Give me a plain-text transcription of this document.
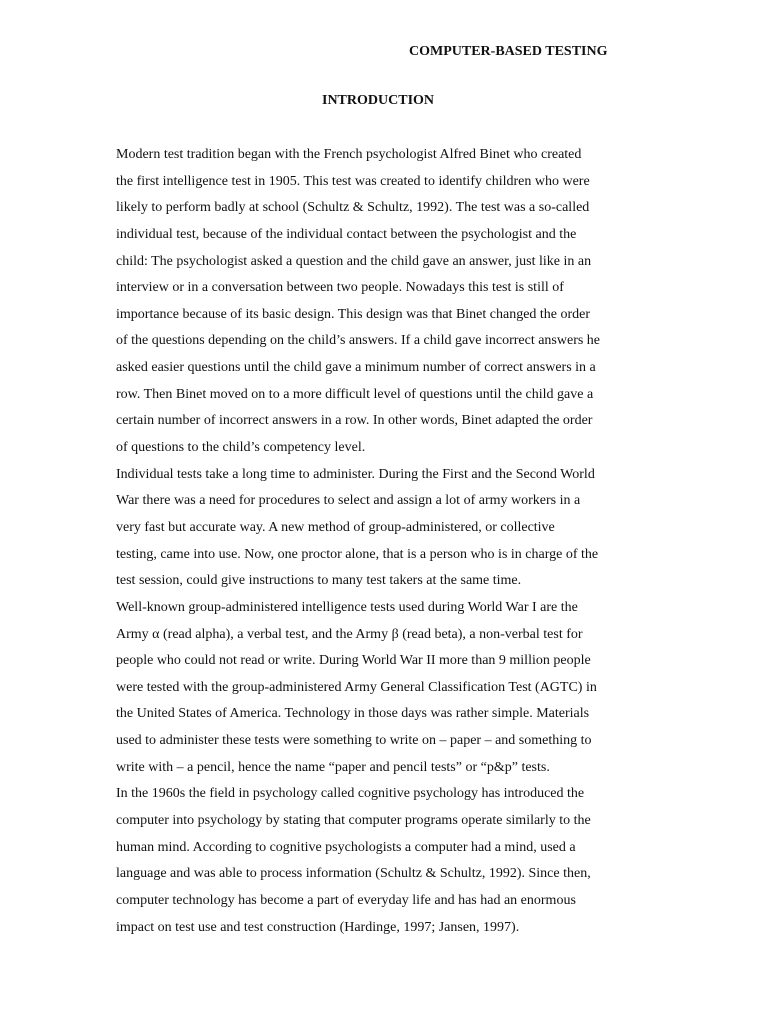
COMPUTER-BASED TESTING
INTRODUCTION
Modern test tradition began with the French psychologist Alfred Binet who created
the first intelligence test in 1905. This test was created to identify children who were
likely to perform badly at school (Schultz & Schultz, 1992). The test was a so-called
individual test, because of the individual contact between the psychologist and the
child: The psychologist asked a question and the child gave an answer, just like in an
interview or in a conversation between two people. Nowadays this test is still of
importance because of its basic design. This design was that Binet changed the order
of the questions depending on the child’s answers. If a child gave incorrect answers he
asked easier questions until the child gave a minimum number of correct answers in a
row. Then Binet moved on to a more difficult level of questions until the child gave a
certain number of incorrect answers in a row. In other words, Binet adapted the order
of questions to the child’s competency level.
Individual tests take a long time to administer. During the First and the Second World
War there was a need for procedures to select and assign a lot of army workers in a
very fast but accurate way. A new method of group-administered, or collective
testing, came into use. Now, one proctor alone, that is a person who is in charge of the
test session, could give instructions to many test takers at the same time.
Well-known group-administered intelligence tests used during World War I are the
Army α (read alpha), a verbal test, and the Army β (read beta), a non-verbal test for
people who could not read or write. During World War II more than 9 million people
were tested with the group-administered Army General Classification Test (AGTC) in
the United States of America. Technology in those days was rather simple. Materials
used to administer these tests were something to write on – paper – and something to
write with – a pencil, hence the name “paper and pencil tests” or “p&p” tests.
In the 1960s the field in psychology called cognitive psychology has introduced the
computer into psychology by stating that computer programs operate similarly to the
human mind. According to cognitive psychologists a computer had a mind, used a
language and was able to process information (Schultz & Schultz, 1992). Since then,
computer technology has become a part of everyday life and has had an enormous
impact on test use and test construction (Hardinge, 1997; Jansen, 1997).
